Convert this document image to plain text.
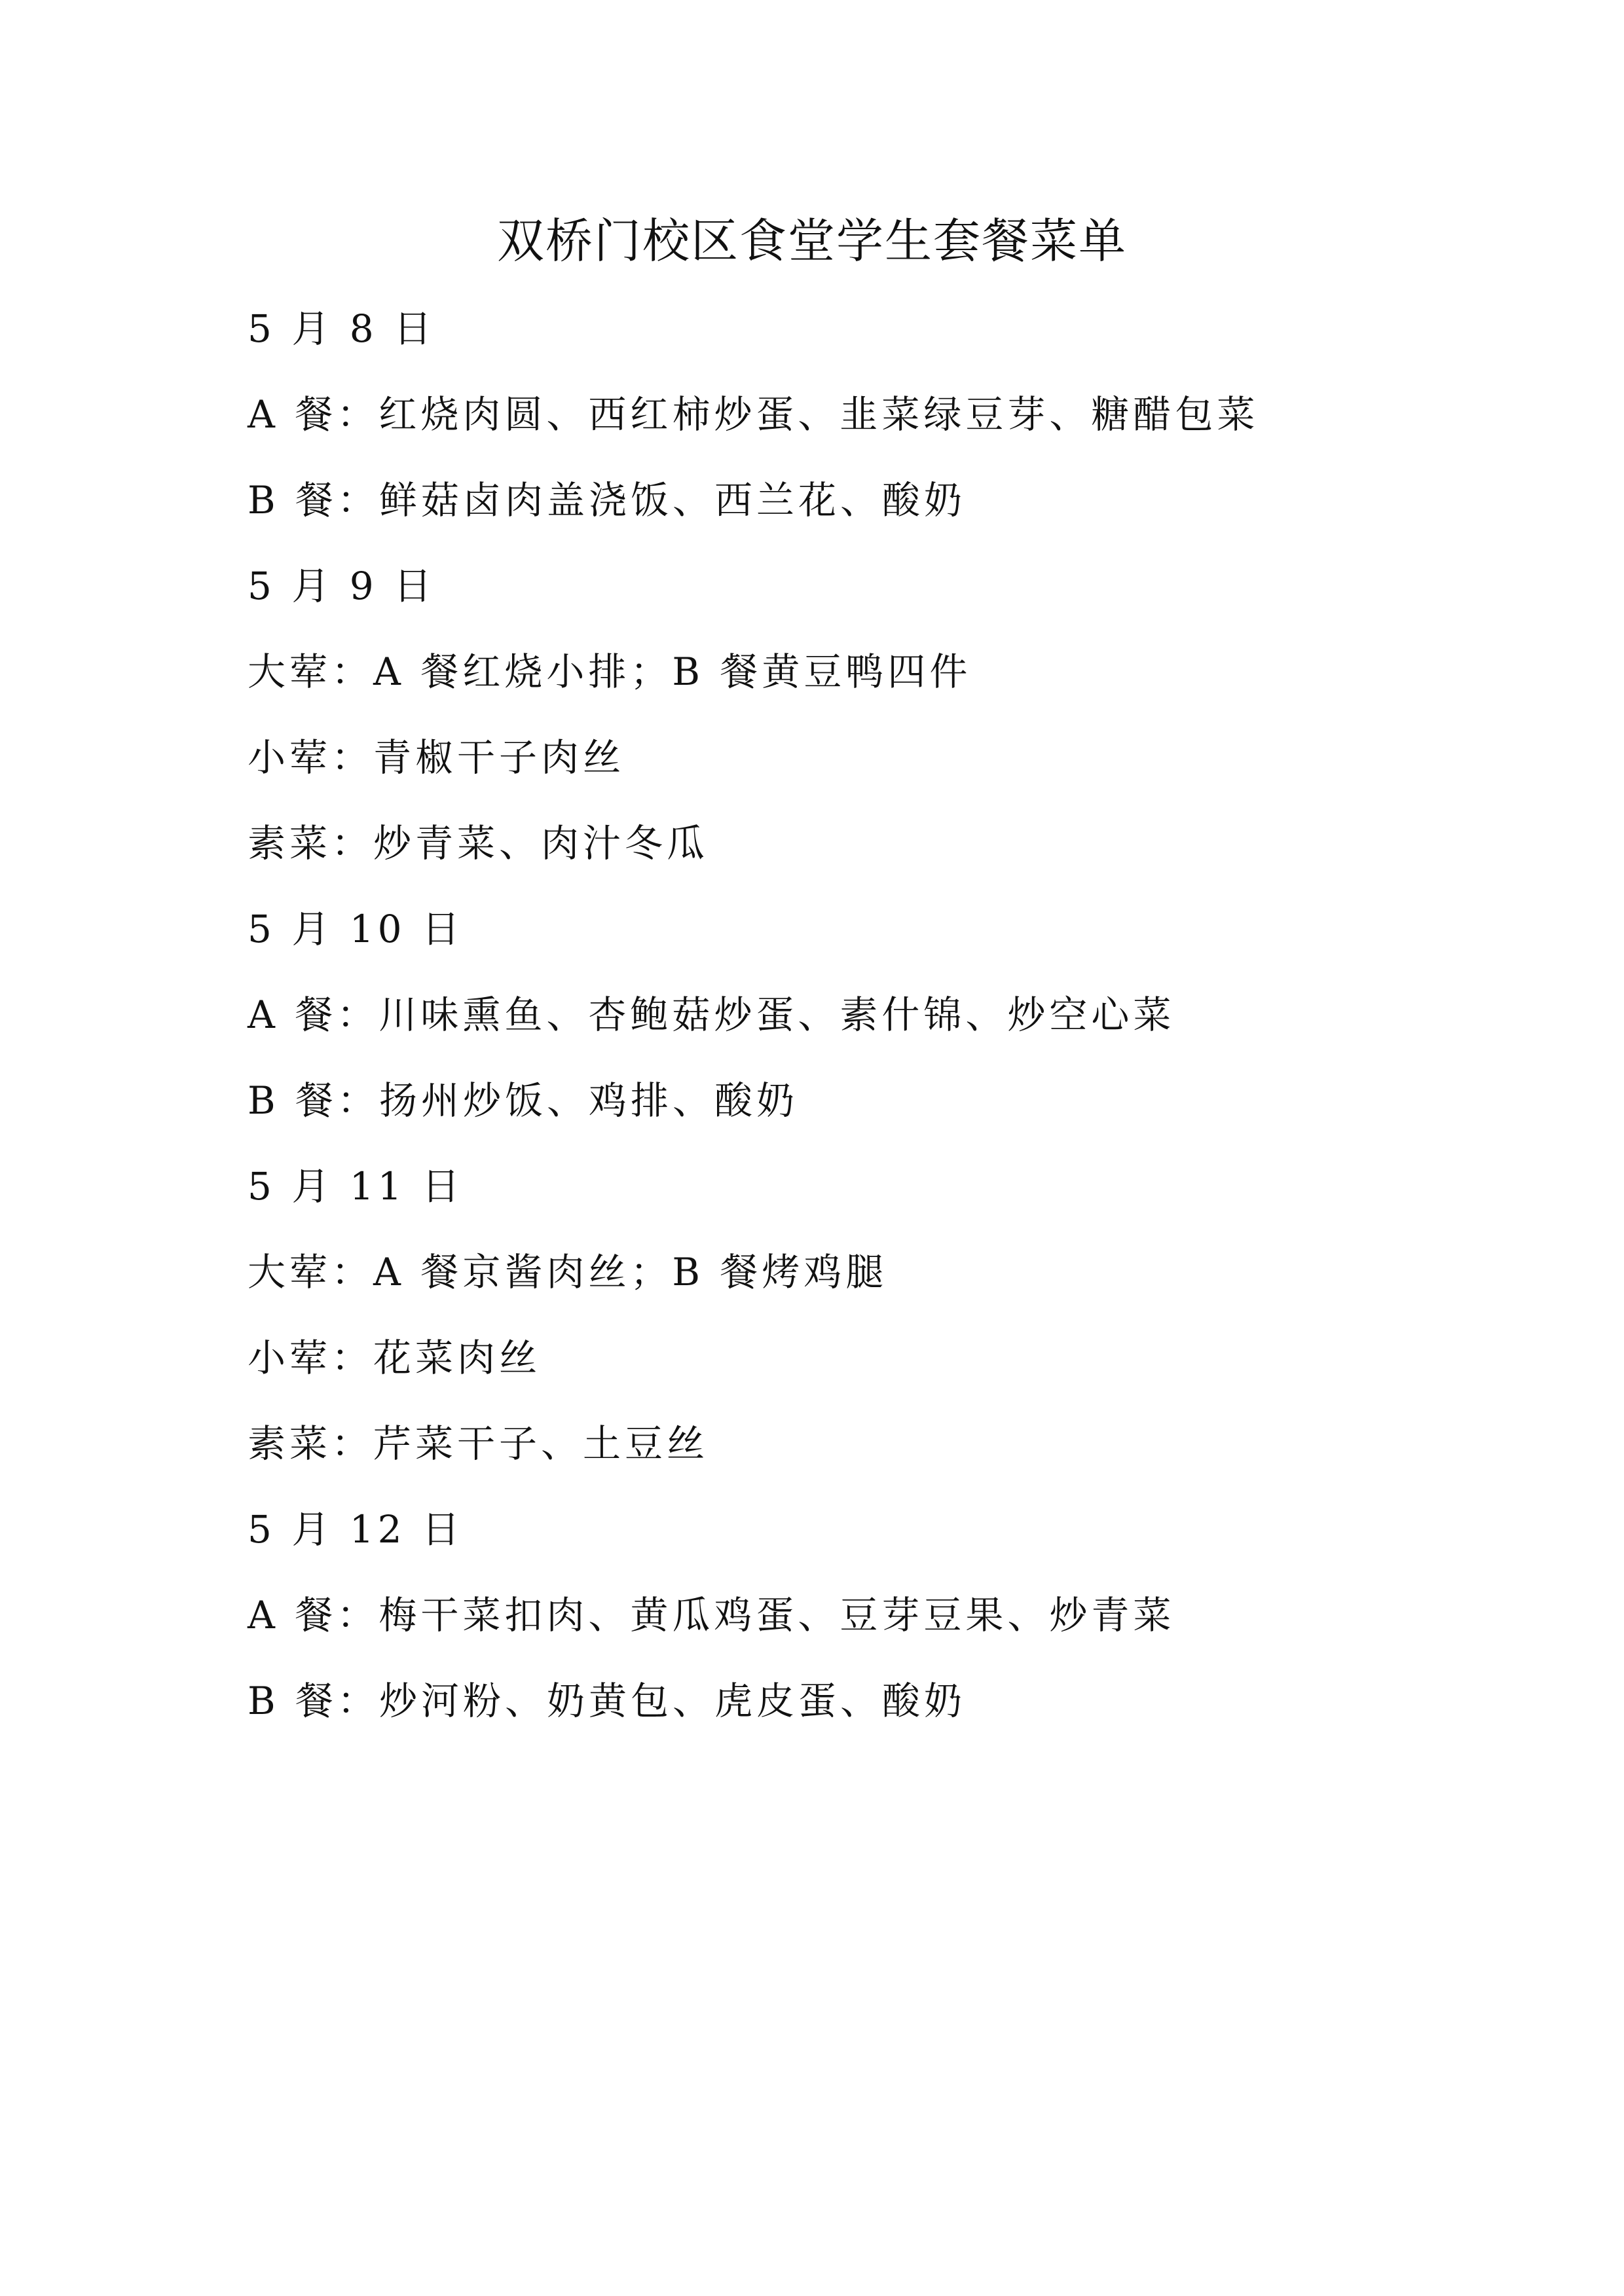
双桥门校区食堂学生套餐菜单
5 月 8 日
A 餐：红烧肉圆、西红柿炒蛋、韭菜绿豆芽、糖醋包菜
B 餐：鲜菇卤肉盖浇饭、西兰花、酸奶
5 月 9 日
大荤：A 餐红烧小排；B 餐黄豆鸭四件
小荤：青椒干子肉丝
素菜：炒青菜、肉汁冬瓜
5 月 10 日
A 餐：川味熏鱼、杏鲍菇炒蛋、素什锦、炒空心菜
B 餐：扬州炒饭、鸡排、酸奶
5 月 11 日
大荤：A 餐京酱肉丝；B 餐烤鸡腿
小荤：花菜肉丝
素菜：芹菜干子、土豆丝
5 月 12 日
A 餐：梅干菜扣肉、黄瓜鸡蛋、豆芽豆果、炒青菜
B 餐：炒河粉、奶黄包、虎皮蛋、酸奶
